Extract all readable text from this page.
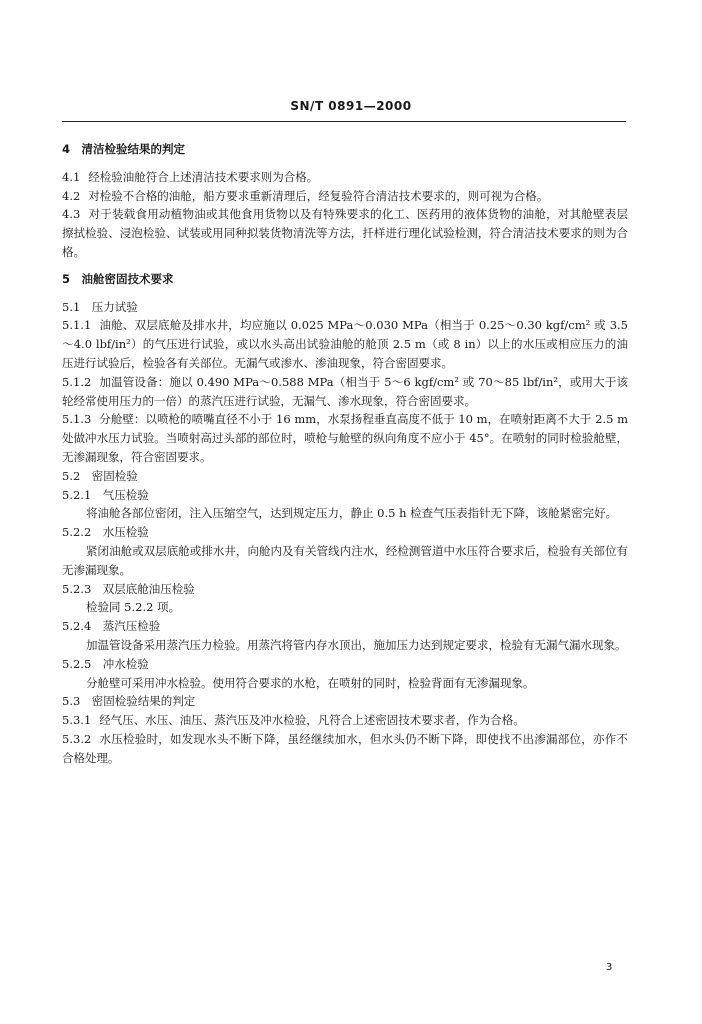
SN/T 0891—2000
4　清洁检验结果的判定

4.1 经检验油舱符合上述清洁技术要求则为合格。

4.2 对检验不合格的油舱，船方要求重新清理后，经复验符合清洁技术要求的，则可视为合格。

4.3 对于装载食用动植物油或其他食用货物以及有特殊要求的化工、医药用的液体货物的油舱，对其舱壁表层擦拭检验、浸泡检验、试装或用同种拟装货物清洗等方法，扦样进行理化试验检测，符合清洁技术要求的则为合格。

5　油舱密固技术要求

5.1　压力试验

5.1.1 油舱、双层底舱及排水井，均应施以 0.025 MPa～0.030 MPa（相当于 0.25～0.30 kgf/cm² 或 3.5～4.0 lbf/in²）的气压进行试验，或以水头高出试验油舱的舱顶 2.5 m（或 8 in）以上的水压或相应压力的油压进行试验后，检验各有关部位。无漏气或渗水、渗油现象，符合密固要求。

5.1.2 加温管设备：施以 0.490 MPa～0.588 MPa（相当于 5～6 kgf/cm² 或 70～85 lbf/in²，或用大于该轮经常使用压力的一倍）的蒸汽压进行试验，无漏气、渗水现象，符合密固要求。

5.1.3 分舱壁：以喷枪的喷嘴直径不小于 16 mm，水泵扬程垂直高度不低于 10 m，在喷射距离不大于 2.5 m 处做冲水压力试验。当喷射高过头部的部位时，喷枪与舱壁的纵向角度不应小于 45°。在喷射的同时检验舱壁，无渗漏现象，符合密固要求。

5.2　密固检验

5.2.1　气压检验

将油舱各部位密闭，注入压缩空气，达到规定压力，静止 0.5 h 检查气压表指针无下降，该舱紧密完好。

5.2.2　水压检验

紧闭油舱或双层底舱或排水井，向舱内及有关管线内注水，经检测管道中水压符合要求后，检验有关部位有无渗漏现象。

5.2.3　双层底舱油压检验

检验同 5.2.2 项。

5.2.4　蒸汽压检验

加温管设备采用蒸汽压力检验。用蒸汽将管内存水顶出，施加压力达到规定要求，检验有无漏气漏水现象。

5.2.5　冲水检验

分舱壁可采用冲水检验。使用符合要求的水枪，在喷射的同时，检验背面有无渗漏现象。

5.3　密固检验结果的判定

5.3.1 经气压、水压、油压、蒸汽压及冲水检验，凡符合上述密固技术要求者，作为合格。

5.3.2 水压检验时，如发现水头不断下降，虽经继续加水，但水头仍不断下降，即使找不出渗漏部位，亦作不合格处理。

3
